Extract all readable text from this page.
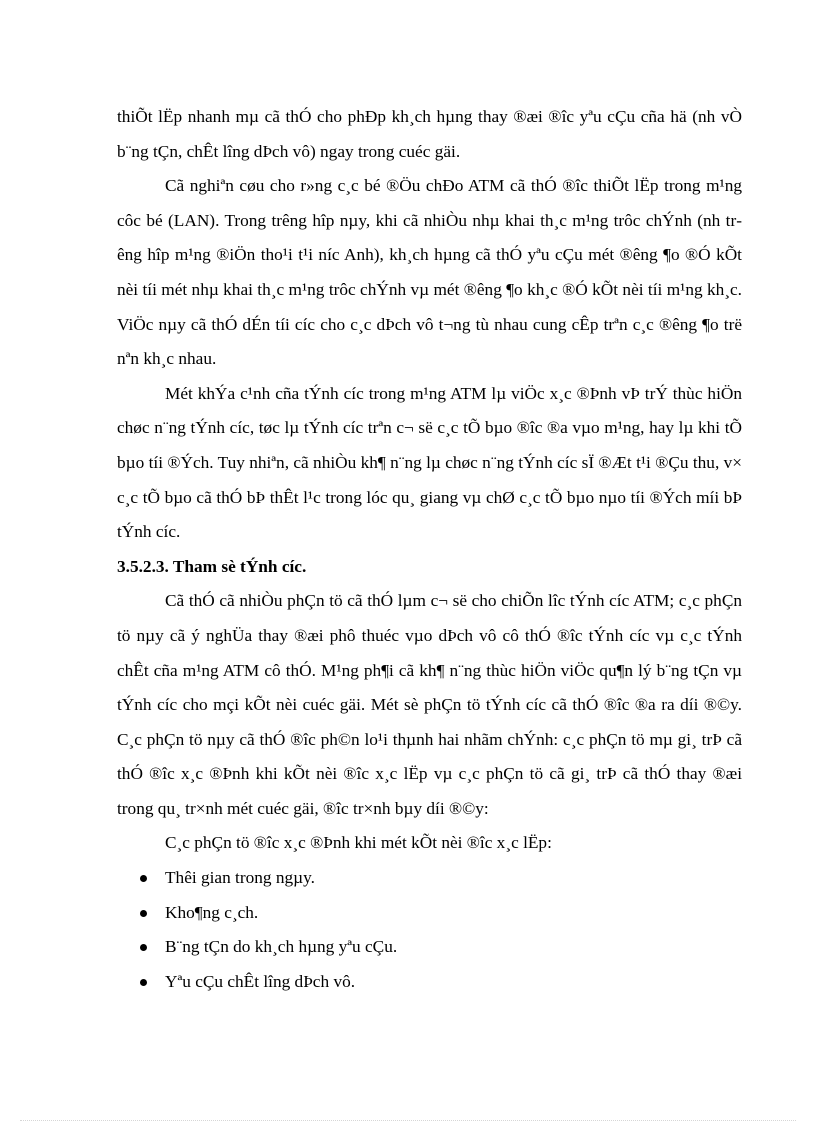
thiÕt lËp nhanh mµ cã thÓ cho phÐp kh¸ch hµng thay ®æi ®îc yªu cÇu cña hä (nh vÒ b¨ng tÇn, chÊt lîng dÞch vô) ngay trong cuéc gäi.

Cã nghiªn cøu cho r»ng c¸c bé ®Öu chÐo ATM cã thÓ ®îc thiÕt lËp trong m¹ng côc bé (LAN). Trong trêng hîp nµy, khi cã nhiÒu nhµ khai th¸c m¹ng trôc chÝnh (nh trêng hîp m¹ng ®iÖn tho¹i t¹i níc Anh), kh¸ch hµng cã thÓ yªu cÇu mét ®êng ¶o ®Ó kÕt nèi tíi mét nhµ khai th¸c m¹ng trôc chÝnh vµ mét ®êng ¶o kh¸c ®Ó kÕt nèi tíi m¹ng kh¸c. ViÖc nµy cã thÓ dÉn tíi cíc cho c¸c dÞch vô t¬ng tù nhau cung cÊp trªn c¸c ®êng ¶o trë nªn kh¸c nhau.

Mét khÝa c¹nh cña tÝnh cíc trong m¹ng ATM lµ viÖc x¸c ®Þnh vÞ trÝ thùc hiÖn chøc n¨ng tÝnh cíc, tøc lµ tÝnh cíc trªn c¬ së c¸c tÕ bµo ®îc ®a vµo m¹ng, hay lµ khi tÕ bµo tíi ®Ých. Tuy nhiªn, cã nhiÒu kh¶ n¨ng lµ chøc n¨ng tÝnh cíc sÏ ®Æt t¹i ®Çu thu, v× c¸c tÕ bµo cã thÓ bÞ thÊt l¹c trong lóc qu¸ giang vµ chØ c¸c tÕ bµo nµo tíi ®Ých míi bÞ tÝnh cíc.

3.5.2.3. Tham sè tÝnh cíc.

Cã thÓ cã nhiÒu phÇn tö cã thÓ lµm c¬ së cho chiÕn lîc tÝnh cíc ATM; c¸c phÇn tö nµy cã ý nghÜa thay ®æi phô thuéc vµo dÞch vô cô thÓ ®îc tÝnh cíc vµ c¸c tÝnh chÊt cña m¹ng ATM cô thÓ. M¹ng ph¶i cã kh¶ n¨ng thùc hiÖn viÖc qu¶n lý b¨ng tÇn vµ tÝnh cíc cho mçi kÕt nèi cuéc gäi. Mét sè phÇn tö tÝnh cíc cã thÓ ®îc ®a ra díi ®©y. C¸c phÇn tö nµy cã thÓ ®îc ph©n lo¹i thµnh hai nhãm chÝnh: c¸c phÇn tö mµ gi¸ trÞ cã thÓ ®îc x¸c ®Þnh khi kÕt nèi ®îc x¸c lËp vµ c¸c phÇn tö cã gi¸ trÞ cã thÓ thay ®æi trong qu¸ tr×nh mét cuéc gäi, ®îc tr×nh bµy díi ®©y:

C¸c phÇn tö ®îc x¸c ®Þnh khi mét kÕt nèi ®îc x¸c lËp:

Thêi gian trong ngµy.
Kho¶ng c¸ch.
B¨ng tÇn do kh¸ch hµng yªu cÇu.
Yªu cÇu chÊt lîng dÞch vô.
